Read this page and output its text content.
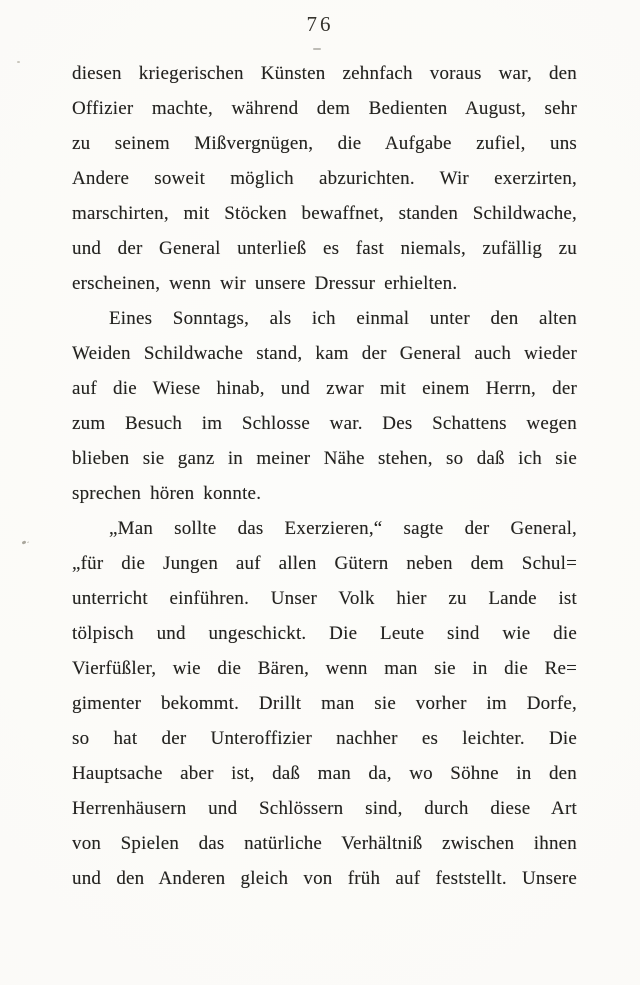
76
diesen kriegerischen Künsten zehnfach voraus war, den
Offizier machte, während dem Bedienten August, sehr
zu seinem Mißvergnügen, die Aufgabe zufiel, uns
Andere soweit möglich abzurichten. Wir exerzirten,
marschirten, mit Stöcken bewaffnet, standen Schildwache,
und der General unterließ es fast niemals, zufällig zu
erscheinen, wenn wir unsere Dressur erhielten.
Eines Sonntags, als ich einmal unter den alten
Weiden Schildwache stand, kam der General auch wieder
auf die Wiese hinab, und zwar mit einem Herrn, der
zum Besuch im Schlosse war. Des Schattens wegen
blieben sie ganz in meiner Nähe stehen, so daß ich sie
sprechen hören konnte.
„Man sollte das Exerzieren,“ sagte der General,
„für die Jungen auf allen Gütern neben dem Schul=
unterricht einführen. Unser Volk hier zu Lande ist
tölpisch und ungeschickt. Die Leute sind wie die
Vierfüßler, wie die Bären, wenn man sie in die Re=
gimenter bekommt. Drillt man sie vorher im Dorfe,
so hat der Unteroffizier nachher es leichter. Die
Hauptsache aber ist, daß man da, wo Söhne in den
Herrenhäusern und Schlössern sind, durch diese Art
von Spielen das natürliche Verhältniß zwischen ihnen
und den Anderen gleich von früh auf feststellt. Unsere
